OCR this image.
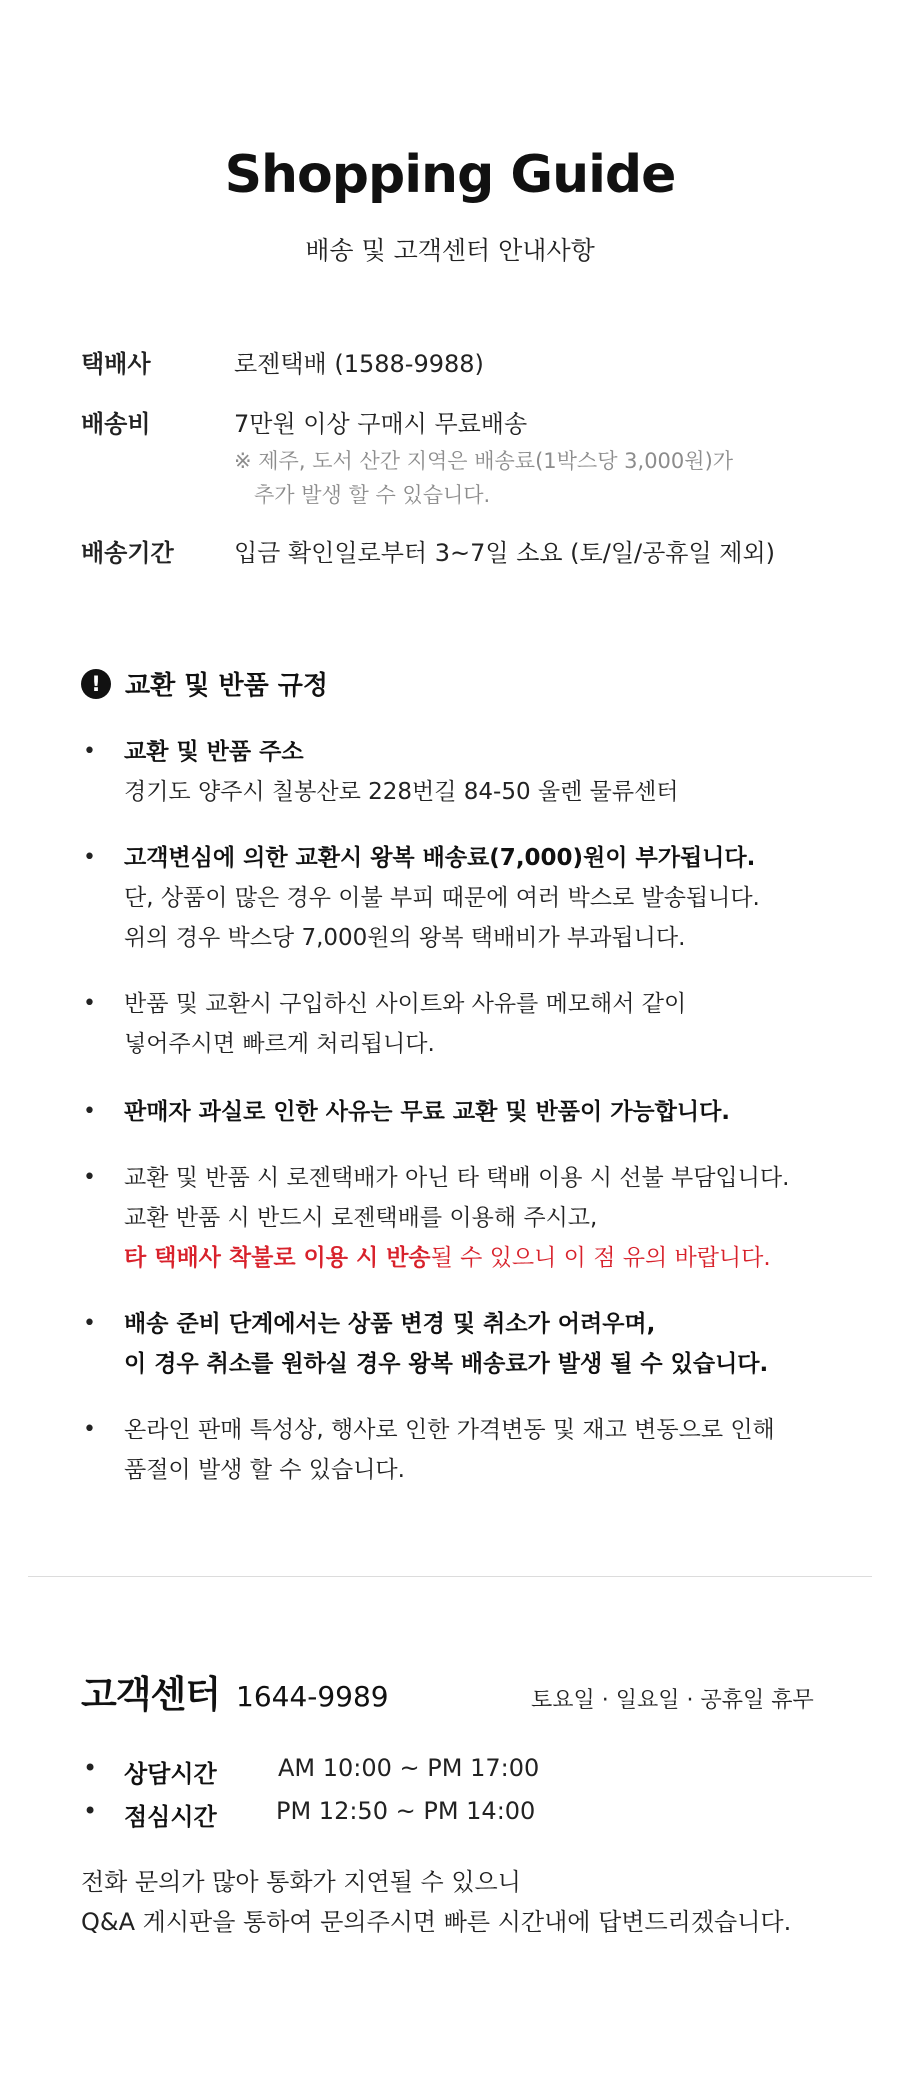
Shopping Guide
배송 및 고객센터 안내사항
택배사	로젠택배 (1588-9988)
배송비	7만원 이상 구매시 무료배송
※ 제주, 도서 산간 지역은 배송료(1박스당 3,000원)가
추가 발생 할 수 있습니다.
배송기간	입금 확인일로부터 3~7일 소요 (토/일/공휴일 제외)
! 교환 및 반품 규정
• 교환 및 반품 주소
경기도 양주시 칠봉산로 228번길 84-50 울렌 물류센터
• 고객변심에 의한 교환시 왕복 배송료(7,000)원이 부가됩니다.
단, 상품이 많은 경우 이불 부피 때문에 여러 박스로 발송됩니다.
위의 경우 박스당 7,000원의 왕복 택배비가 부과됩니다.
• 반품 및 교환시 구입하신 사이트와 사유를 메모해서 같이
넣어주시면 빠르게 처리됩니다.
• 판매자 과실로 인한 사유는 무료 교환 및 반품이 가능합니다.
• 교환 및 반품 시 로젠택배가 아닌 타 택배 이용 시 선불 부담입니다.
교환 반품 시 반드시 로젠택배를 이용해 주시고,
타 택배사 착불로 이용 시 반송될 수 있으니 이 점 유의 바랍니다.
• 배송 준비 단계에서는 상품 변경 및 취소가 어려우며,
이 경우 취소를 원하실 경우 왕복 배송료가 발생 될 수 있습니다.
• 온라인 판매 특성상, 행사로 인한 가격변동 및 재고 변동으로 인해
품절이 발생 할 수 있습니다.
고객센터 1644-9989	토요일 · 일요일 · 공휴일 휴무
• 상담시간	AM 10:00 ~ PM 17:00
• 점심시간 PM 12:50 ~ PM 14:00
전화 문의가 많아 통화가 지연될 수 있으니
Q&A 게시판을 통하여 문의주시면 빠른 시간내에 답변드리겠습니다.
